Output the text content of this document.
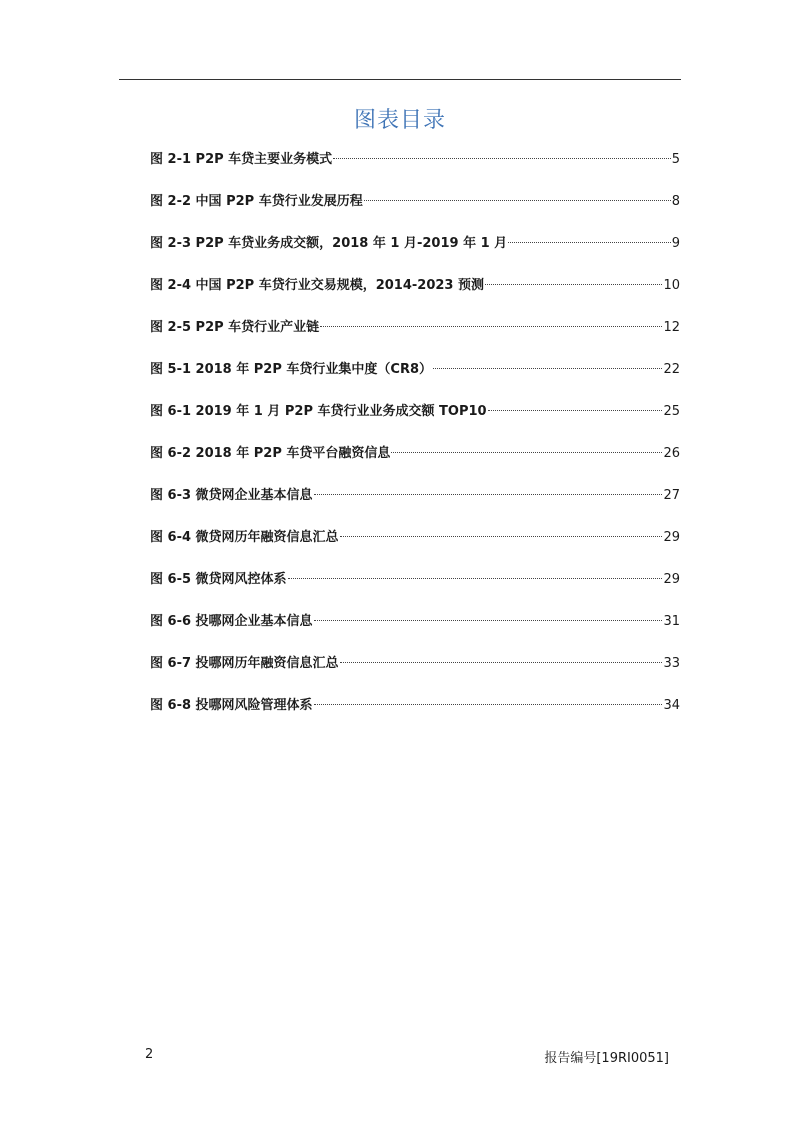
图表目录
图 2-1 P2P 车贷主要业务模式	5
图 2-2 中国 P2P 车贷行业发展历程	8
图 2-3 P2P 车贷业务成交额，2018 年 1 月-2019 年 1 月	9
图 2-4 中国 P2P 车贷行业交易规模，2014-2023 预测	10
图 2-5 P2P 车贷行业产业链	12
图 5-1 2018 年 P2P 车贷行业集中度（CR8）	22
图 6-1 2019 年 1 月 P2P 车贷行业业务成交额 TOP10	25
图 6-2 2018 年 P2P 车贷平台融资信息	26
图 6-3 微贷网企业基本信息	27
图 6-4 微贷网历年融资信息汇总	29
图 6-5 微贷网风控体系	29
图 6-6 投哪网企业基本信息	31
图 6-7 投哪网历年融资信息汇总	33
图 6-8 投哪网风险管理体系	34
2	报告编号[19RI0051]
